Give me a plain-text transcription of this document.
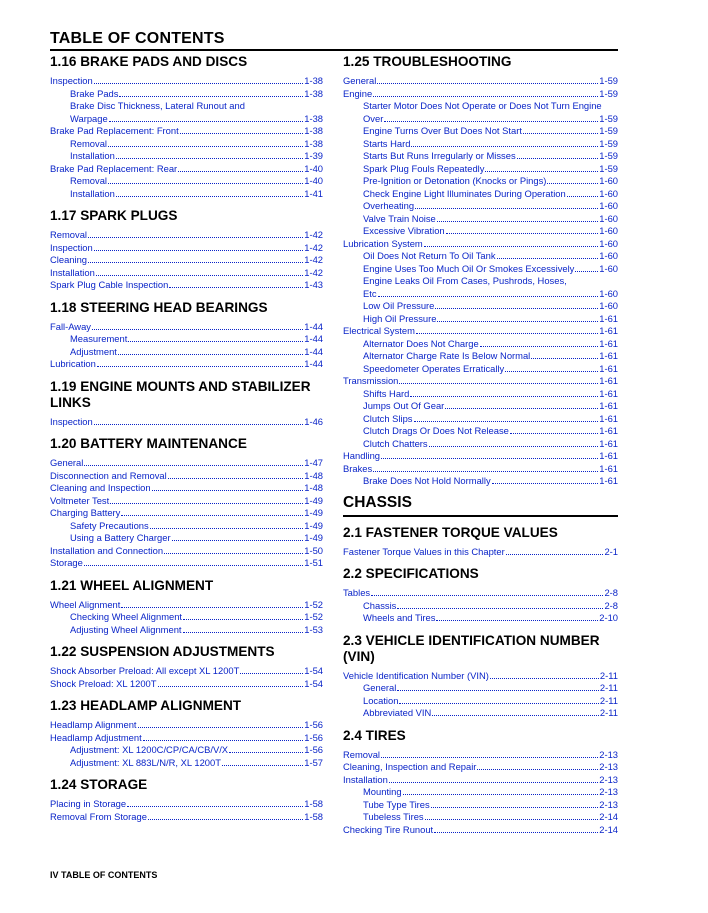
TABLE OF CONTENTS
1.16 BRAKE PADS AND DISCS
Inspection	1-38
Brake Pads	1-38
Brake Disc Thickness, Lateral Runout and
Warpage	1-38
Brake Pad Replacement: Front	1-38
Removal	1-38
Installation	1-39
Brake Pad Replacement: Rear	1-40
Removal	1-40
Installation	1-41
1.17 SPARK PLUGS
Removal	1-42
Inspection	1-42
Cleaning	1-42
Installation	1-42
Spark Plug Cable Inspection	1-43
1.18 STEERING HEAD BEARINGS
Fall-Away	1-44
Measurement	1-44
Adjustment	1-44
Lubrication	1-44
1.19 ENGINE MOUNTS AND STABILIZER LINKS
Inspection	1-46
1.20 BATTERY MAINTENANCE
General	1-47
Disconnection and Removal	1-48
Cleaning and Inspection	1-48
Voltmeter Test	1-49
Charging Battery	1-49
Safety Precautions	1-49
Using a Battery Charger	1-49
Installation and Connection	1-50
Storage	1-51
1.21 WHEEL ALIGNMENT
Wheel Alignment	1-52
Checking Wheel Alignment	1-52
Adjusting Wheel Alignment	1-53
1.22 SUSPENSION ADJUSTMENTS
Shock Absorber Preload: All except XL 1200T	1-54
Shock Preload: XL 1200T	1-54
1.23 HEADLAMP ALIGNMENT
Headlamp Alignment	1-56
Headlamp Adjustment	1-56
Adjustment: XL 1200C/CP/CA/CB/V/X	1-56
Adjustment: XL 883L/N/R, XL 1200T	1-57
1.24 STORAGE
Placing in Storage	1-58
Removal From Storage	1-58
1.25 TROUBLESHOOTING
General	1-59
Engine	1-59
Starter Motor Does Not Operate or Does Not Turn Engine
Over	1-59
Engine Turns Over But Does Not Start	1-59
Starts Hard	1-59
Starts But Runs Irregularly or Misses	1-59
Spark Plug Fouls Repeatedly	1-59
Pre-Ignition or Detonation (Knocks or Pings)	1-60
Check Engine Light Illuminates During Operation	1-60
Overheating	1-60
Valve Train Noise	1-60
Excessive Vibration	1-60
Lubrication System	1-60
Oil Does Not Return To Oil Tank	1-60
Engine Uses Too Much Oil Or Smokes Excessively	1-60
Engine Leaks Oil From Cases, Pushrods, Hoses,
Etc	1-60
Low Oil Pressure	1-60
High Oil Pressure	1-61
Electrical System	1-61
Alternator Does Not Charge	1-61
Alternator Charge Rate Is Below Normal	1-61
Speedometer Operates Erratically	1-61
Transmission	1-61
Shifts Hard	1-61
Jumps Out Of Gear	1-61
Clutch Slips	1-61
Clutch Drags Or Does Not Release	1-61
Clutch Chatters	1-61
Handling	1-61
Brakes	1-61
Brake Does Not Hold Normally	1-61
CHASSIS
2.1 FASTENER TORQUE VALUES
Fastener Torque Values in this Chapter	2-1
2.2 SPECIFICATIONS
Tables	2-8
Chassis	2-8
Wheels and Tires	2-10
2.3 VEHICLE IDENTIFICATION NUMBER (VIN)
Vehicle Identification Number (VIN)	2-11
General	2-11
Location	2-11
Abbreviated VIN	2-11
2.4 TIRES
Removal	2-13
Cleaning, Inspection and Repair	2-13
Installation	2-13
Mounting	2-13
Tube Type Tires	2-13
Tubeless Tires	2-14
Checking Tire Runout	2-14
IV TABLE OF CONTENTS
